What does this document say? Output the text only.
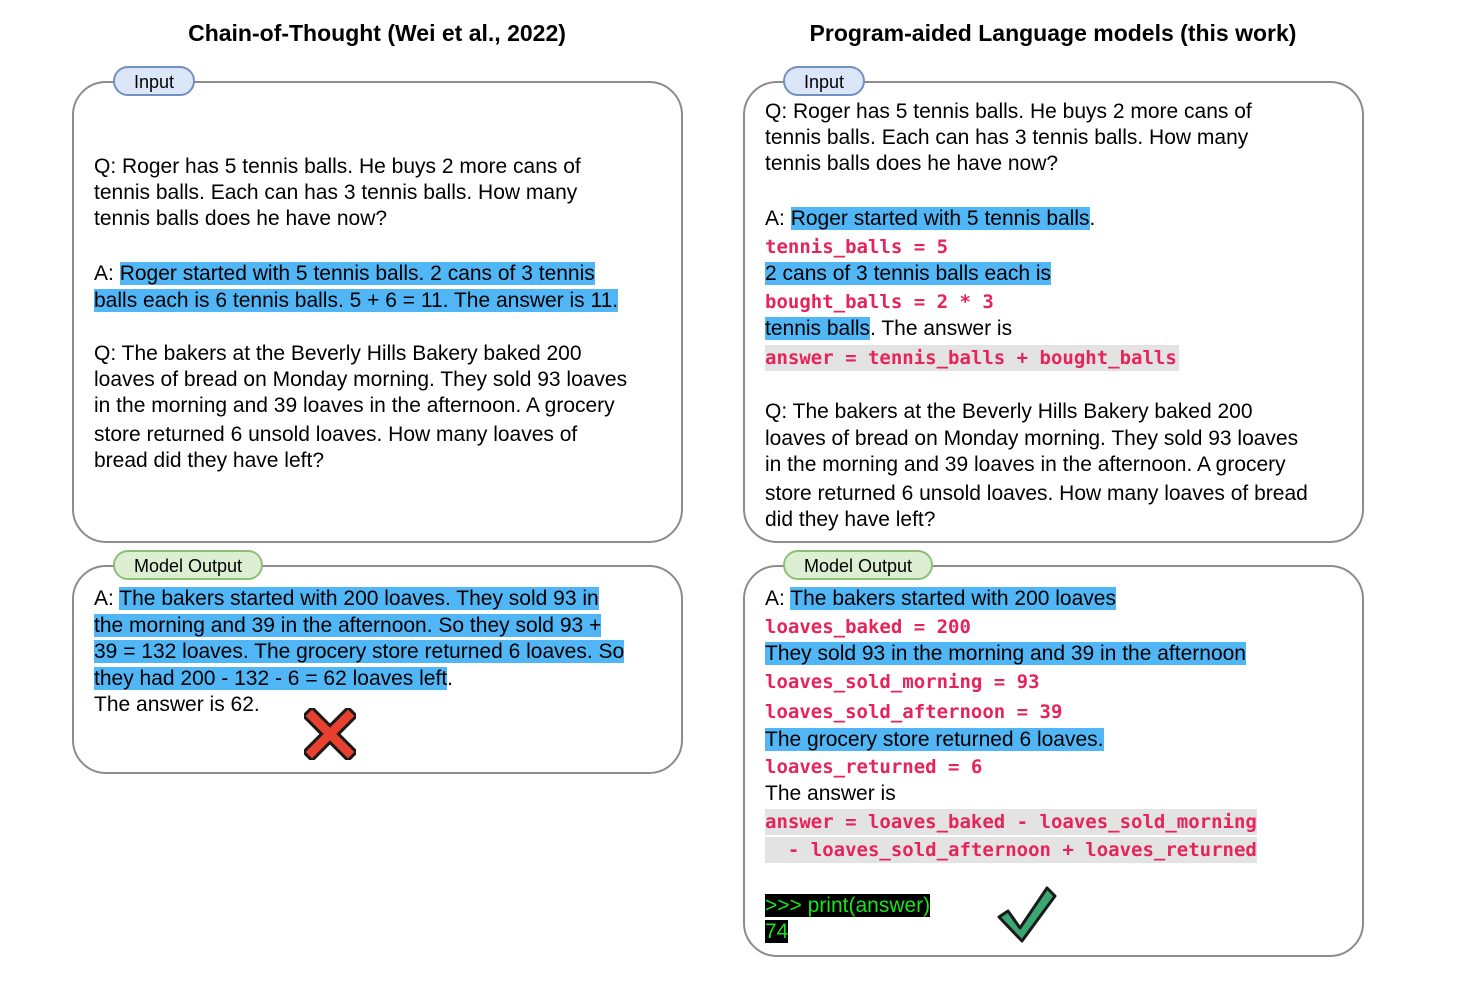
Chain-of-Thought (Wei et al., 2022)	Program-aided Language models (this work)
Input
Q: Roger has 5 tennis balls. He buys 2 more cans of
tennis balls. Each can has 3 tennis balls. How many
tennis balls does he have now?
A: Roger started with 5 tennis balls. 2 cans of 3 tennis
balls each is 6 tennis balls. 5 + 6 = 11. The answer is 11.
Q: The bakers at the Beverly Hills Bakery baked 200
loaves of bread on Monday morning. They sold 93 loaves
in the morning and 39 loaves in the afternoon. A grocery
store returned 6 unsold loaves. How many loaves of
bread did they have left?
Model Output
A: The bakers started with 200 loaves. They sold 93 in
the morning and 39 in the afternoon. So they sold 93 +
39 = 132 loaves. The grocery store returned 6 loaves. So
they had 200 - 132 - 6 = 62 loaves left.
The answer is 62.
Input
Q: Roger has 5 tennis balls. He buys 2 more cans of
tennis balls. Each can has 3 tennis balls. How many
tennis balls does he have now?
A: Roger started with 5 tennis balls.
tennis_balls = 5
2 cans of 3 tennis balls each is
bought_balls = 2 * 3
tennis balls. The answer is
answer = tennis_balls + bought_balls
Q: The bakers at the Beverly Hills Bakery baked 200
loaves of bread on Monday morning. They sold 93 loaves
in the morning and 39 loaves in the afternoon. A grocery
store returned 6 unsold loaves. How many loaves of bread
did they have left?
Model Output
A: The bakers started with 200 loaves
loaves_baked = 200
They sold 93 in the morning and 39 in the afternoon
loaves_sold_morning = 93
loaves_sold_afternoon = 39
The grocery store returned 6 loaves.
loaves_returned = 6
The answer is
answer = loaves_baked - loaves_sold_morning
- loaves_sold_afternoon + loaves_returned
>>> print(answer)
74
